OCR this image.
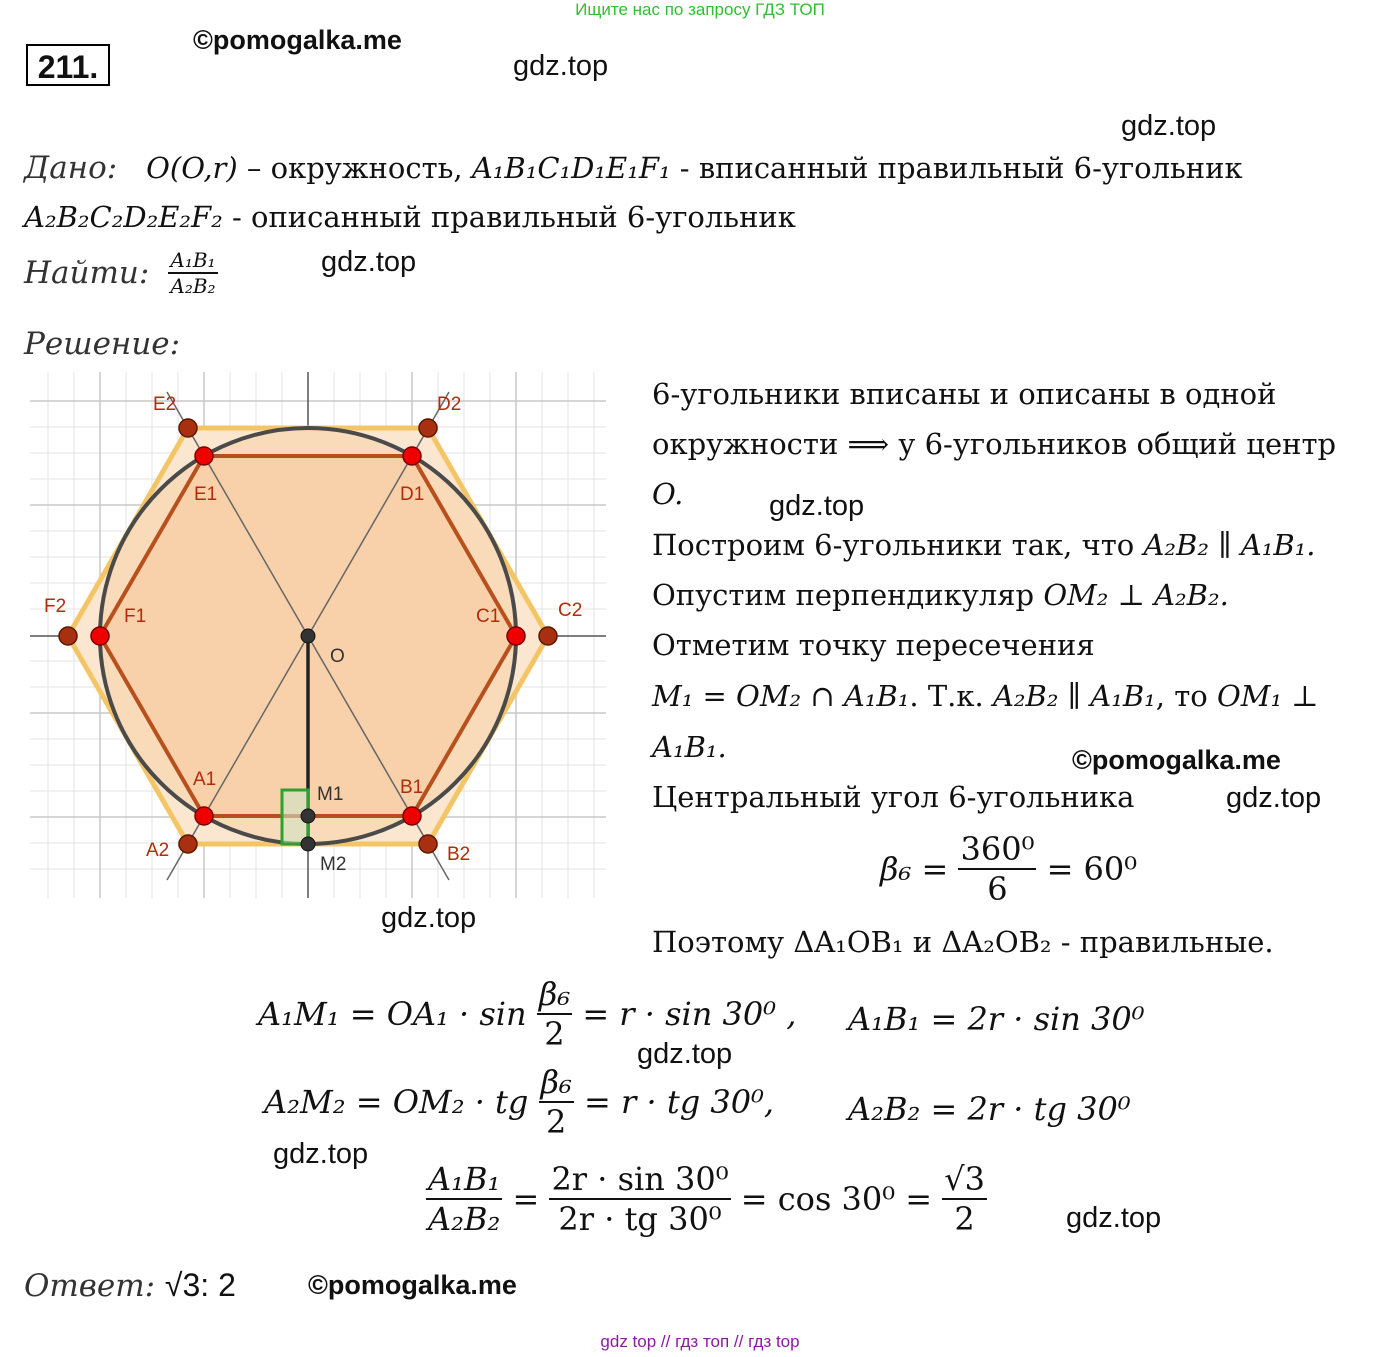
Ищите нас по запросу ГДЗ ТОП
211.
©pomogalka.me
gdz.top
gdz.top
Дано:   O(O,r) – окружность, A₁B₁C₁D₁E₁F₁ - вписанный правильный 6-угольник
A₂B₂C₂D₂E₂F₂ - описанный правильный 6-угольник
Найти: $\frac{\text{A₁B₁}}{\text{A₂B₂}}$	gdz.top
Решение:
E2	D2
E1	D1
F2	F1	C1	C2
O
A1	B1
M1
A2	B2
M2
gdz.top
6-угольники вписаны и описаны в одной
окружности ⟹ у 6-угольников общий центр
O.	gdz.top
Построим 6-угольники так, что A₂B₂ ∥ A₁B₁.
Опустим перпендикуляр OM₂ ⊥ A₂B₂.
Отметим точку пересечения
M₁ = OM₂ ∩ A₁B₁. Т.к. A₂B₂ ∥ A₁B₁, то OM₁ ⊥
A₁B₁.	©pomogalka.me
Центральный угол 6-угольника	gdz.top
$\beta_6 = \frac{\text{360⁰}}{6} = 60^0$
Поэтому ΔA₁OB₁ и ΔA₂OB₂ - правильные.
$A_1M_1 = OA_1 \cdot \sin \frac{\text{β₆}}{2} = r \cdot \sin 30^0$ , A₁B₁ = 2r · sin 30⁰
gdz.top
A₂M₂ = OM₂ · tg $\frac{\text{β₆}}{2} = r$ · tg 30⁰, A₂B₂ = 2r · tg 30⁰
gdz.top
$\frac{\text{A₁B₁}}{\text{A₂B₂}} = \frac{\text{2r · sin 30⁰}}{\text{2r · tg 30⁰}} = \cos 30^0 = \frac{√3}{2}$	gdz.top
Ответ: √3: 2	©pomogalka.me
gdz top // гдз топ // гдз top
